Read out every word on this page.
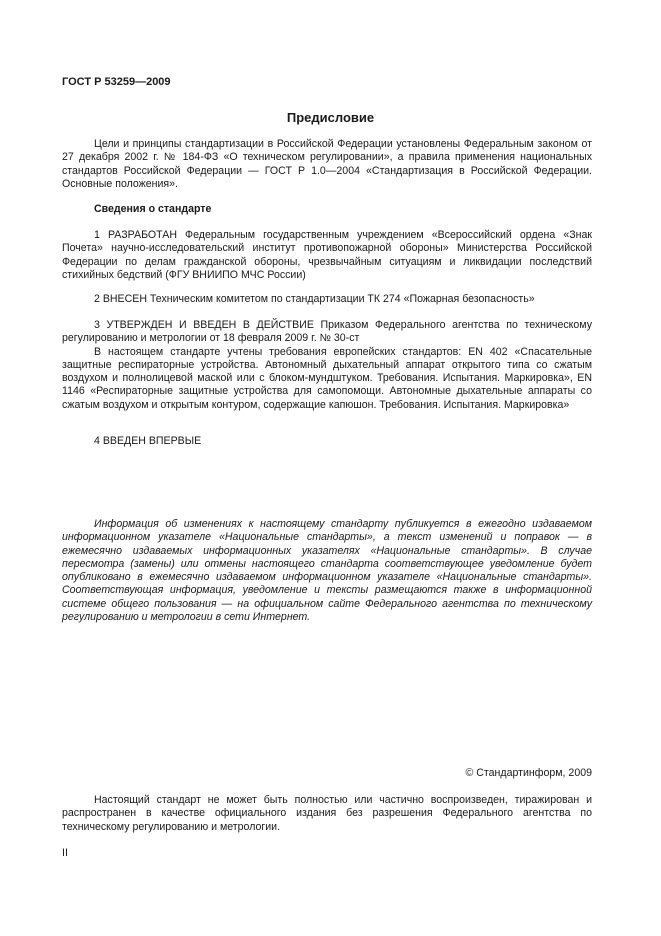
ГОСТ Р 53259—2009
Предисловие

Цели и принципы стандартизации в Российской Федерации установлены Федеральным законом от 27 декабря 2002 г. № 184-ФЗ «О техническом регулировании», а правила применения национальных стандартов Российской Федерации — ГОСТ Р 1.0—2004 «Стандартизация в Российской Федерации. Основные положения».

Сведения о стандарте

1 РАЗРАБОТАН Федеральным государственным учреждением «Всероссийский ордена «Знак Почета» научно-исследовательский институт противопожарной обороны» Министерства Российской Федерации по делам гражданской обороны, чрезвычайным ситуациям и ликвидации последствий стихийных бедствий (ФГУ ВНИИПО МЧС России)

2 ВНЕСЕН Техническим комитетом по стандартизации ТК 274 «Пожарная безопасность»

3 УТВЕРЖДЕН И ВВЕДЕН В ДЕЙСТВИЕ Приказом Федерального агентства по техническому регулированию и метрологии от 18 февраля 2009 г. № 30-ст

В настоящем стандарте учтены требования европейских стандартов: EN 402 «Спасательные защитные респираторные устройства. Автономный дыхательный аппарат открытого типа со сжатым воздухом и полнолицевой маской или с блоком-мундштуком. Требования. Испытания. Маркировка», EN 1146 «Респираторные защитные устройства для самопомощи. Автономные дыхательные аппараты со сжатым воздухом и открытым контуром, содержащие капюшон. Требования. Испытания. Маркировка»

4 ВВЕДЕН ВПЕРВЫЕ

Информация об изменениях к настоящему стандарту публикуется в ежегодно издаваемом информационном указателе «Национальные стандарты», а текст изменений и поправок — в ежемесячно издаваемых информационных указателях «Национальные стандарты». В случае пересмотра (замены) или отмены настоящего стандарта соответствующее уведомление будет опубликовано в ежемесячно издаваемом информационном указателе «Национальные стандарты». Соответствующая информация, уведомление и тексты размещаются также в информационной системе общего пользования — на официальном сайте Федерального агентства по техническому регулированию и метрологии в сети Интернет.

© Стандартинформ, 2009

Настоящий стандарт не может быть полностью или частично воспроизведен, тиражирован и распространен в качестве официального издания без разрешения Федерального агентства по техническому регулированию и метрологии.

II
